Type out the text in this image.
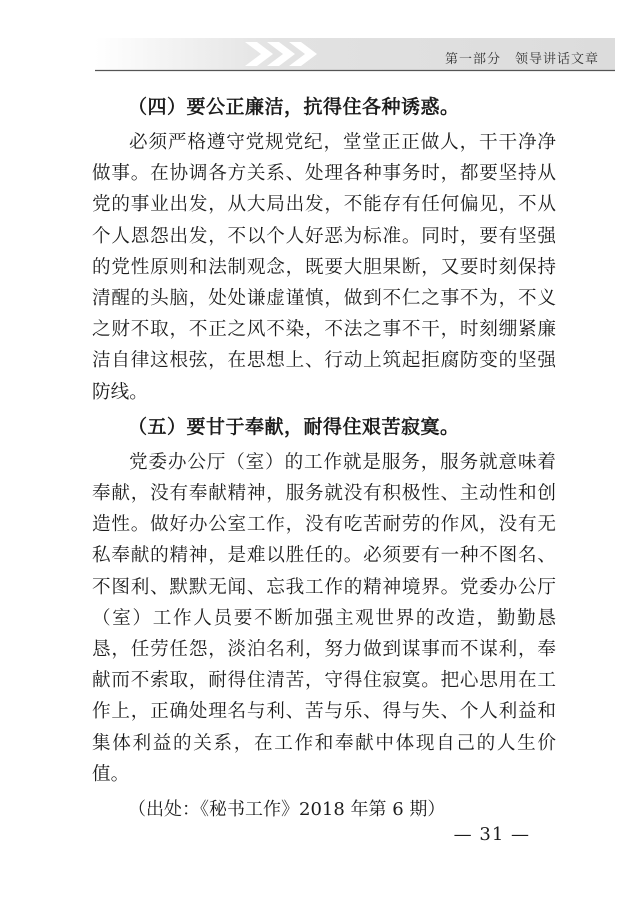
第一部分　领导讲话文章
（四）要公正廉洁，抗得住各种诱惑。

必须严格遵守党规党纪，堂堂正正做人，干干净净做事。在协调各方关系、处理各种事务时，都要坚持从党的事业出发，从大局出发，不能存有任何偏见，不从个人恩怨出发，不以个人好恶为标准。同时，要有坚强的党性原则和法制观念，既要大胆果断，又要时刻保持清醒的头脑，处处谦虚谨慎，做到不仁之事不为，不义之财不取，不正之风不染，不法之事不干，时刻绷紧廉洁自律这根弦，在思想上、行动上筑起拒腐防变的坚强防线。

（五）要甘于奉献，耐得住艰苦寂寞。

党委办公厅（室）的工作就是服务，服务就意味着奉献，没有奉献精神，服务就没有积极性、主动性和创造性。做好办公室工作，没有吃苦耐劳的作风，没有无私奉献的精神，是难以胜任的。必须要有一种不图名、不图利、默默无闻、忘我工作的精神境界。党委办公厅（室）工作人员要不断加强主观世界的改造，勤勤恳恳，任劳任怨，淡泊名利，努力做到谋事而不谋利，奉献而不索取，耐得住清苦，守得住寂寞。把心思用在工作上，正确处理名与利、苦与乐、得与失、个人利益和集体利益的关系，在工作和奉献中体现自己的人生价值。

（出处：《秘书工作》2018 年第 6 期）
— 31 —
